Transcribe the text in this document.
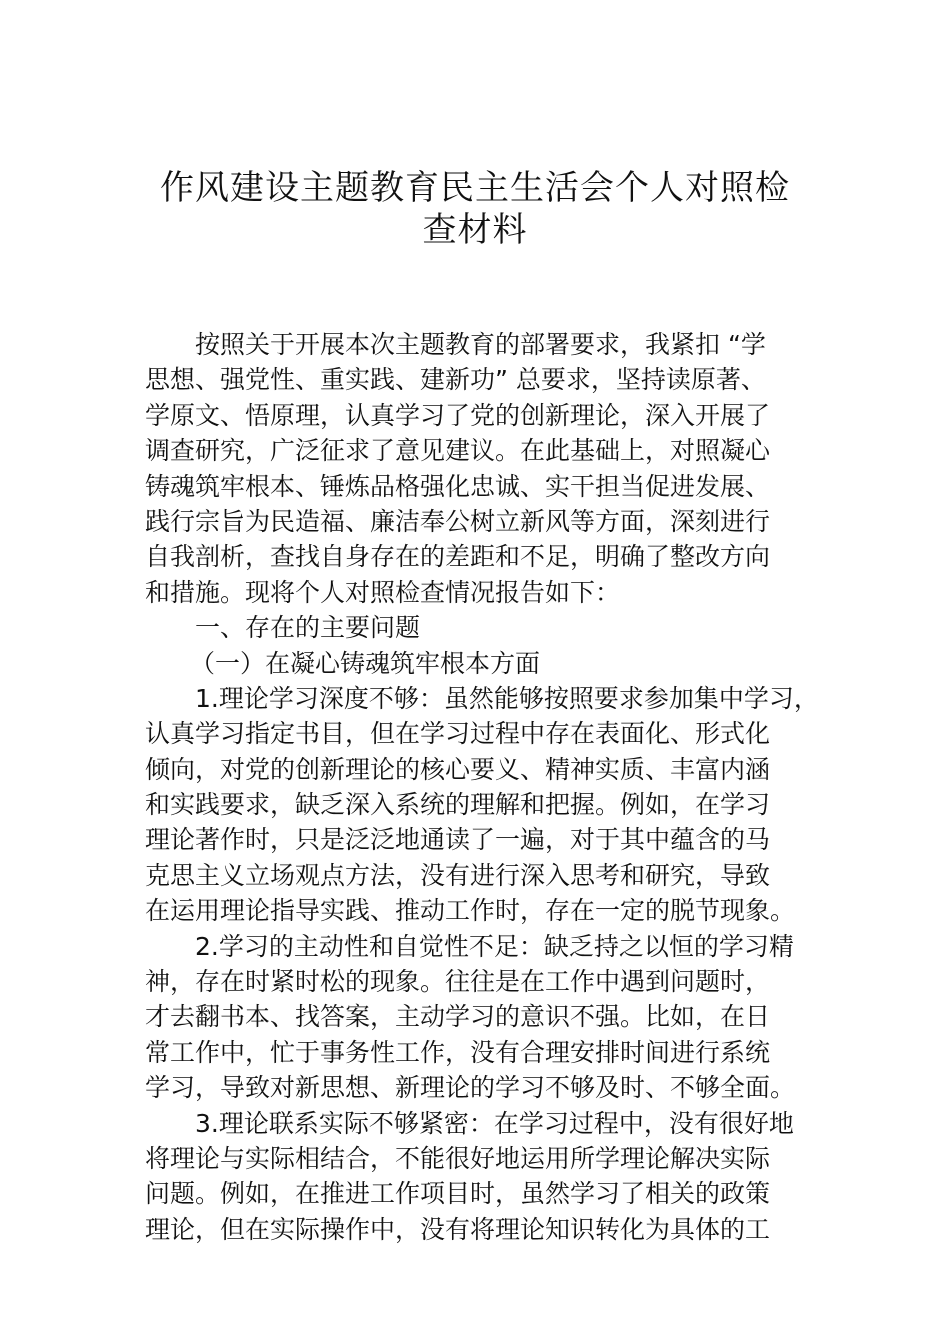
作风建设主题教育民主生活会个人对照检
查材料
按照关于开展本次主题教育的部署要求，我紧扣 “学
思想、强党性、重实践、建新功” 总要求，坚持读原著、
学原文、悟原理，认真学习了党的创新理论，深入开展了
调查研究，广泛征求了意见建议。在此基础上，对照凝心
铸魂筑牢根本、锤炼品格强化忠诚、实干担当促进发展、
践行宗旨为民造福、廉洁奉公树立新风等方面，深刻进行
自我剖析，查找自身存在的差距和不足，明确了整改方向
和措施。现将个人对照检查情况报告如下：
一、存在的主要问题
（一）在凝心铸魂筑牢根本方面
1.理论学习深度不够：虽然能够按照要求参加集中学习，
认真学习指定书目，但在学习过程中存在表面化、形式化
倾向，对党的创新理论的核心要义、精神实质、丰富内涵
和实践要求，缺乏深入系统的理解和把握。例如，在学习
理论著作时，只是泛泛地通读了一遍，对于其中蕴含的马
克思主义立场观点方法，没有进行深入思考和研究，导致
在运用理论指导实践、推动工作时，存在一定的脱节现象。
2.学习的主动性和自觉性不足：缺乏持之以恒的学习精
神，存在时紧时松的现象。往往是在工作中遇到问题时，
才去翻书本、找答案，主动学习的意识不强。比如，在日
常工作中，忙于事务性工作，没有合理安排时间进行系统
学习，导致对新思想、新理论的学习不够及时、不够全面。
3.理论联系实际不够紧密：在学习过程中，没有很好地
将理论与实际相结合，不能很好地运用所学理论解决实际
问题。例如，在推进工作项目时，虽然学习了相关的政策
理论，但在实际操作中，没有将理论知识转化为具体的工
